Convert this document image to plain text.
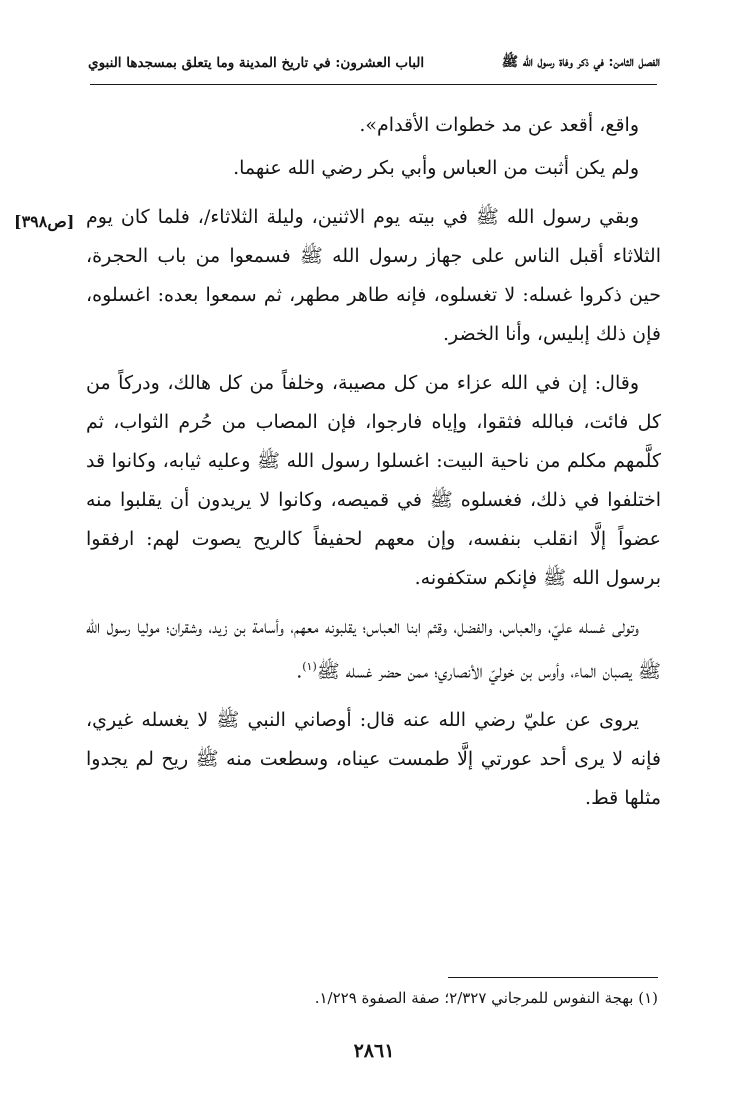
الفصل الثامن: في ذكر وفاة رسول الله ﷺ
الباب العشرون: في تاريخ المدينة وما يتعلق بمسجدها النبوي
[ص٣٩٨]

واقع، أقعد عن مد خطوات الأقدام».

ولم يكن أثبت من العباس وأبي بكر رضي الله عنهما.

وبقي رسول الله ﷺ في بيته يوم الاثنين، وليلة الثلاثاء/، فلما كان يوم الثلاثاء أقبل الناس على جهاز رسول الله ﷺ فسمعوا من باب الحجرة، حين ذكروا غسله: لا تغسلوه، فإنه طاهر مطهر، ثم سمعوا بعده: اغسلوه، فإن ذلك إبليس، وأنا الخضر.

وقال: إن في الله عزاء من كل مصيبة، وخلفاً من كل هالك، ودركاً من كل فائت، فبالله فثقوا، وإياه فارجوا، فإن المصاب من حُرم الثواب، ثم كلَّمهم مكلم من ناحية البيت: اغسلوا رسول الله ﷺ وعليه ثيابه، وكانوا قد اختلفوا في ذلك، فغسلوه ﷺ في قميصه، وكانوا لا يريدون أن يقلبوا منه عضواً إلَّا انقلب بنفسه، وإن معهم لحفيفاً كالريح يصوت لهم: ارفقوا برسول الله ﷺ فإنكم ستكفونه.

وتولى غسله عليّ، والعباس، والفضل، وقثم ابنا العباس؛ يقلبونه معهم، وأسامة بن زيد، وشقران؛ موليا رسول الله ﷺ يصبان الماء، وأوس بن خوليّ الأنصاري؛ ممن حضر غسله ﷺ$^{(١)}$.

يروى عن عليّ رضي الله عنه قال: أوصاني النبي ﷺ لا يغسله غيري، فإنه لا يرى أحد عورتي إلَّا طمست عيناه، وسطعت منه ﷺ ريح لم يجدوا مثلها قط.

(١) بهجة النفوس للمرجاني ٢/٣٢٧؛ صفة الصفوة ١/٢٢٩.
٢٨٦١
